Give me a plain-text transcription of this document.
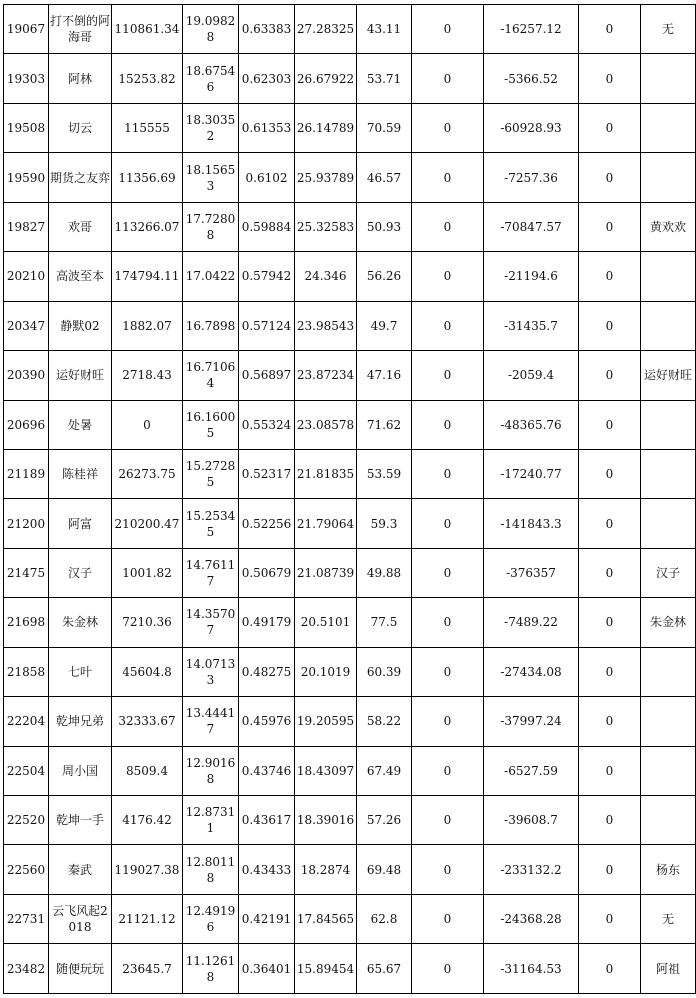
19067	打不倒的阿海哥	110861.34	19.09828	0.63383	27.28325	43.11	0	-16257.12	0	无
19303	阿林	15253.82	18.67546	0.62303	26.67922	53.71	0	-5366.52	0	
19508	切云	115555	18.30352	0.61353	26.14789	70.59	0	-60928.93	0	
19590	期货之友弈	11356.69	18.15653	0.6102	25.93789	46.57	0	-7257.36	0	
19827	欢哥	113266.07	17.72808	0.59884	25.32583	50.93	0	-70847.57	0	黄欢欢
20210	高波至本	174794.11	17.0422	0.57942	24.346	56.26	0	-21194.6	0	
20347	静默02	1882.07	16.7898	0.57124	23.98543	49.7	0	-31435.7	0	
20390	运好财旺	2718.43	16.71064	0.56897	23.87234	47.16	0	-2059.4	0	运好财旺
20696	处暑	0	16.16005	0.55324	23.08578	71.62	0	-48365.76	0	
21189	陈桂祥	26273.75	15.27285	0.52317	21.81835	53.59	0	-17240.77	0	
21200	阿富	210200.47	15.25345	0.52256	21.79064	59.3	0	-141843.3	0	
21475	汉子	1001.82	14.76117	0.50679	21.08739	49.88	0	-376357	0	汉子
21698	朱金林	7210.36	14.35707	0.49179	20.5101	77.5	0	-7489.22	0	朱金林
21858	七叶	45604.8	14.07133	0.48275	20.1019	60.39	0	-27434.08	0	
22204	乾坤兄弟	32333.67	13.44417	0.45976	19.20595	58.22	0	-37997.24	0	
22504	周小国	8509.4	12.90168	0.43746	18.43097	67.49	0	-6527.59	0	
22520	乾坤一手	4176.42	12.87311	0.43617	18.39016	57.26	0	-39608.7	0	
22560	秦武	119027.38	12.80118	0.43433	18.2874	69.48	0	-233132.2	0	杨东
22731	云飞风起2018	21121.12	12.49196	0.42191	17.84565	62.8	0	-24368.28	0	无
23482	随便玩玩	23645.7	11.12618	0.36401	15.89454	65.67	0	-31164.53	0	阿祖
